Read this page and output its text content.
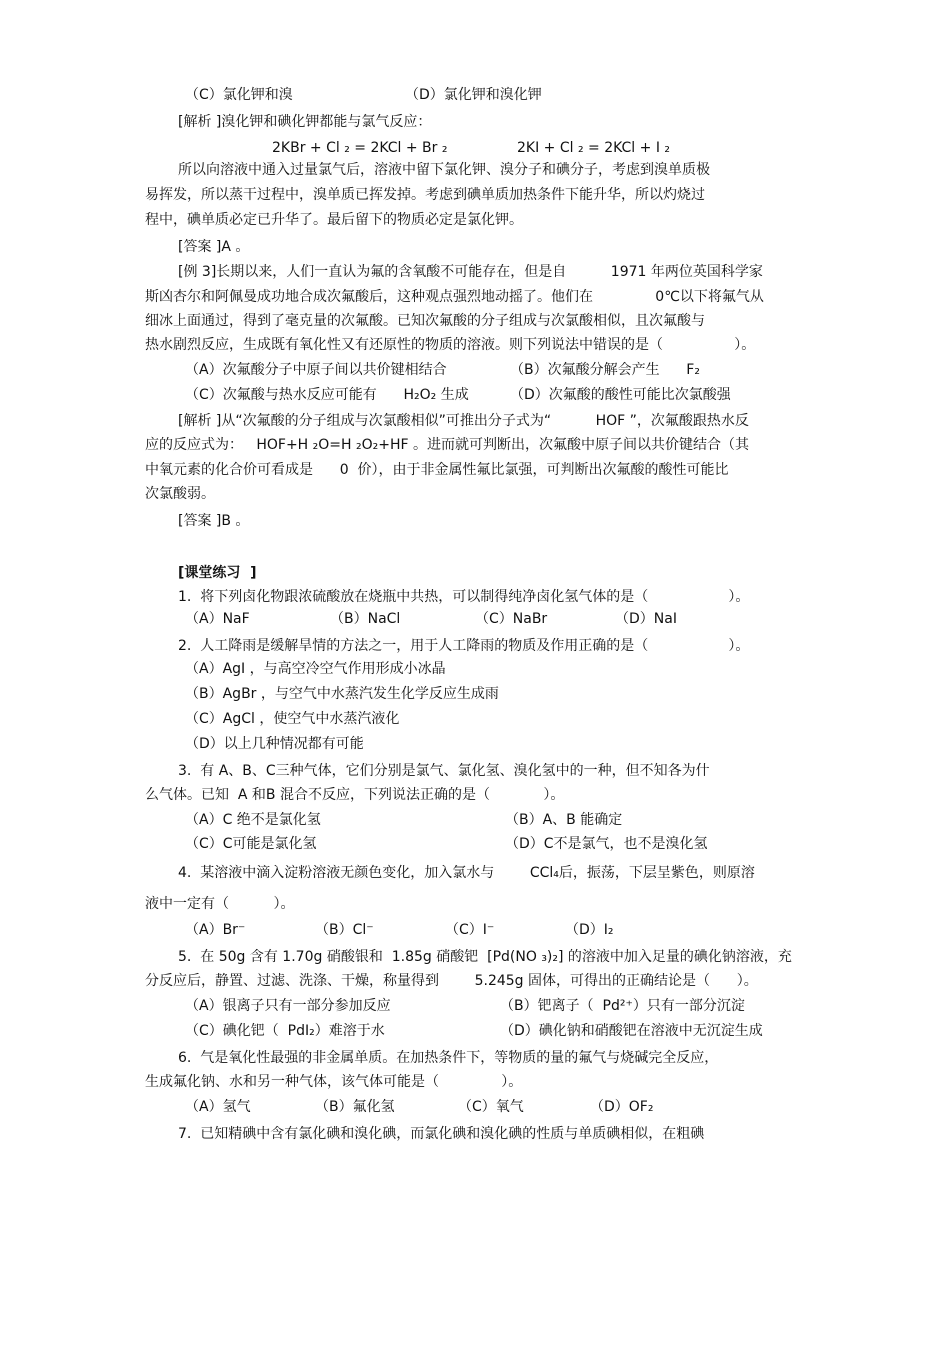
（C）氯化钾和溴	（D）氯化钾和溴化钾
[解析 ]溴化钾和碘化钾都能与氯气反应：
2KBr + Cl ₂ = 2KCl + Br ₂	2KI + Cl ₂ = 2KCl + I ₂
所以向溶液中通入过量氯气后，溶液中留下氯化钾、溴分子和碘分子，考虑到溴单质极
易挥发，所以蒸干过程中，溴单质已挥发掉。考虑到碘单质加热条件下能升华，所以灼烧过
程中，碘单质必定已升华了。最后留下的物质必定是氯化钾。
[答案 ]A 。
[例 3]长期以来，人们一直认为氟的含氧酸不可能存在，但是自          1971 年两位英国科学家
斯凶杏尔和阿佩曼成功地合成次氟酸后，这种观点强烈地动摇了。他们在              0℃以下将氟气从
细冰上面通过，得到了毫克量的次氟酸。已知次氟酸的分子组成与次氯酸相似，且次氟酸与
热水剧烈反应，生成既有氧化性又有还原性的物质的溶液。则下列说法中错误的是（                ）。
（A）次氟酸分子中原子间以共价键相结合	（B）次氟酸分解会产生      F₂
（C）次氟酸与热水反应可能有      H₂O₂ 生成	（D）次氟酸的酸性可能比次氯酸强
[解析 ]从“次氟酸的分子组成与次氯酸相似”可推出分子式为“          HOF ”，次氟酸跟热水反
应的反应式为：   HOF+H ₂O=H ₂O₂+HF 。进而就可判断出，次氟酸中原子间以共价键结合（其
中氧元素的化合价可看成是      0  价），由于非金属性氟比氯强，可判断出次氟酸的酸性可能比
次氯酸弱。
[答案 ]B 。
[课堂练习  ]
1.  将下列卤化物跟浓硫酸放在烧瓶中共热，可以制得纯净卤化氢气体的是（                  ）。
（A）NaF	（B）NaCl	（C）NaBr	（D）NaI
2.  人工降雨是缓解旱情的方法之一，用于人工降雨的物质及作用正确的是（                  ）。
（A）AgI ，与高空冷空气作用形成小冰晶
（B）AgBr ，与空气中水蒸汽发生化学反应生成雨
（C）AgCl ，使空气中水蒸汽液化
（D）以上几种情况都有可能
3.  有 A、B、C三种气体，它们分别是氯气、氯化氢、溴化氢中的一种，但不知各为什
么气体。已知  A 和B 混合不反应，下列说法正确的是（            ）。
（A）C 绝不是氯化氢	（B）A、B 能确定
（C）C可能是氯化氢	（D）C不是氯气，也不是溴化氢
4.  某溶液中滴入淀粉溶液无颜色变化，加入氯水与        CCl₄后，振荡，下层呈紫色，则原溶
液中一定有（          ）。
（A）Br⁻	（B）Cl⁻	（C）I⁻	（D）I₂
5.  在 50g 含有 1.70g 硝酸银和  1.85g 硝酸钯  [Pd(NO ₃)₂] 的溶液中加入足量的碘化钠溶液，充
分反应后，静置、过滤、洗涤、干燥，称量得到        5.245g 固体，可得出的正确结论是（      ）。
（A）银离子只有一部分参加反应	（B）钯离子（  Pd²⁺）只有一部分沉淀
（C）碘化钯（  PdI₂）难溶于水	（D）碘化钠和硝酸钯在溶液中无沉淀生成
6.  气是氧化性最强的非金属单质。在加热条件下，等物质的量的氟气与烧碱完全反应，
生成氟化钠、水和另一种气体，该气体可能是（              ）。
（A）氢气	（B）氟化氢	（C）氧气	（D）OF₂
7.  已知精碘中含有氯化碘和溴化碘，而氯化碘和溴化碘的性质与单质碘相似，在粗碘
